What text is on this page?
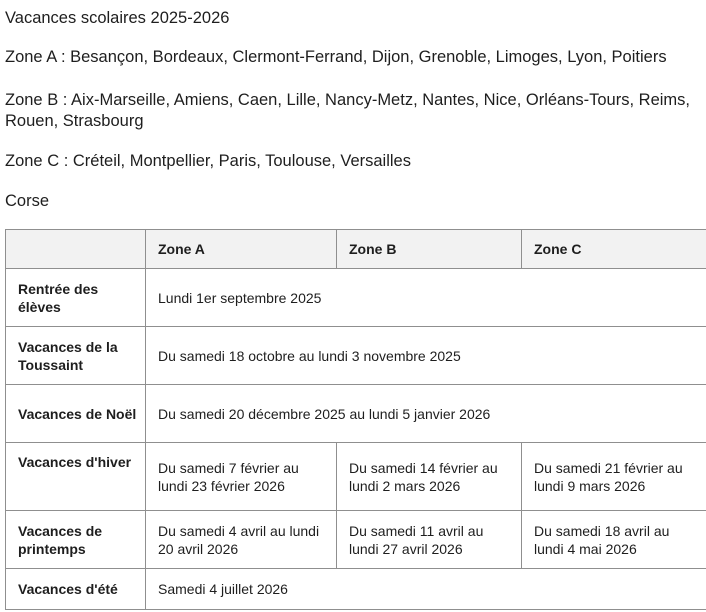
Vacances scolaires 2025-2026

Zone A : Besançon, Bordeaux, Clermont-Ferrand, Dijon, Grenoble, Limoges, Lyon, Poitiers

Zone B : Aix-Marseille, Amiens, Caen, Lille, Nancy-Metz, Nantes, Nice, Orléans-Tours, Reims, Rouen, Strasbourg

Zone C : Créteil, Montpellier, Paris, Toulouse, Versailles

Corse

	Zone A	Zone B	Zone C
Rentrée des élèves	Lundi 1er septembre 2025		
Vacances de la Toussaint	Du samedi 18 octobre au lundi 3 novembre 2025		
Vacances de Noël	Du samedi 20 décembre 2025 au lundi 5 janvier 2026		
Vacances d'hiver	Du samedi 7 février au lundi 23 février 2026	Du samedi 14 février au lundi 2 mars 2026	Du samedi 21 février au lundi 9 mars 2026
Vacances de printemps	Du samedi 4 avril au lundi 20 avril 2026	Du samedi 11 avril au lundi 27 avril 2026	Du samedi 18 avril au lundi 4 mai 2026
Vacances d'été	Samedi 4 juillet 2026		
